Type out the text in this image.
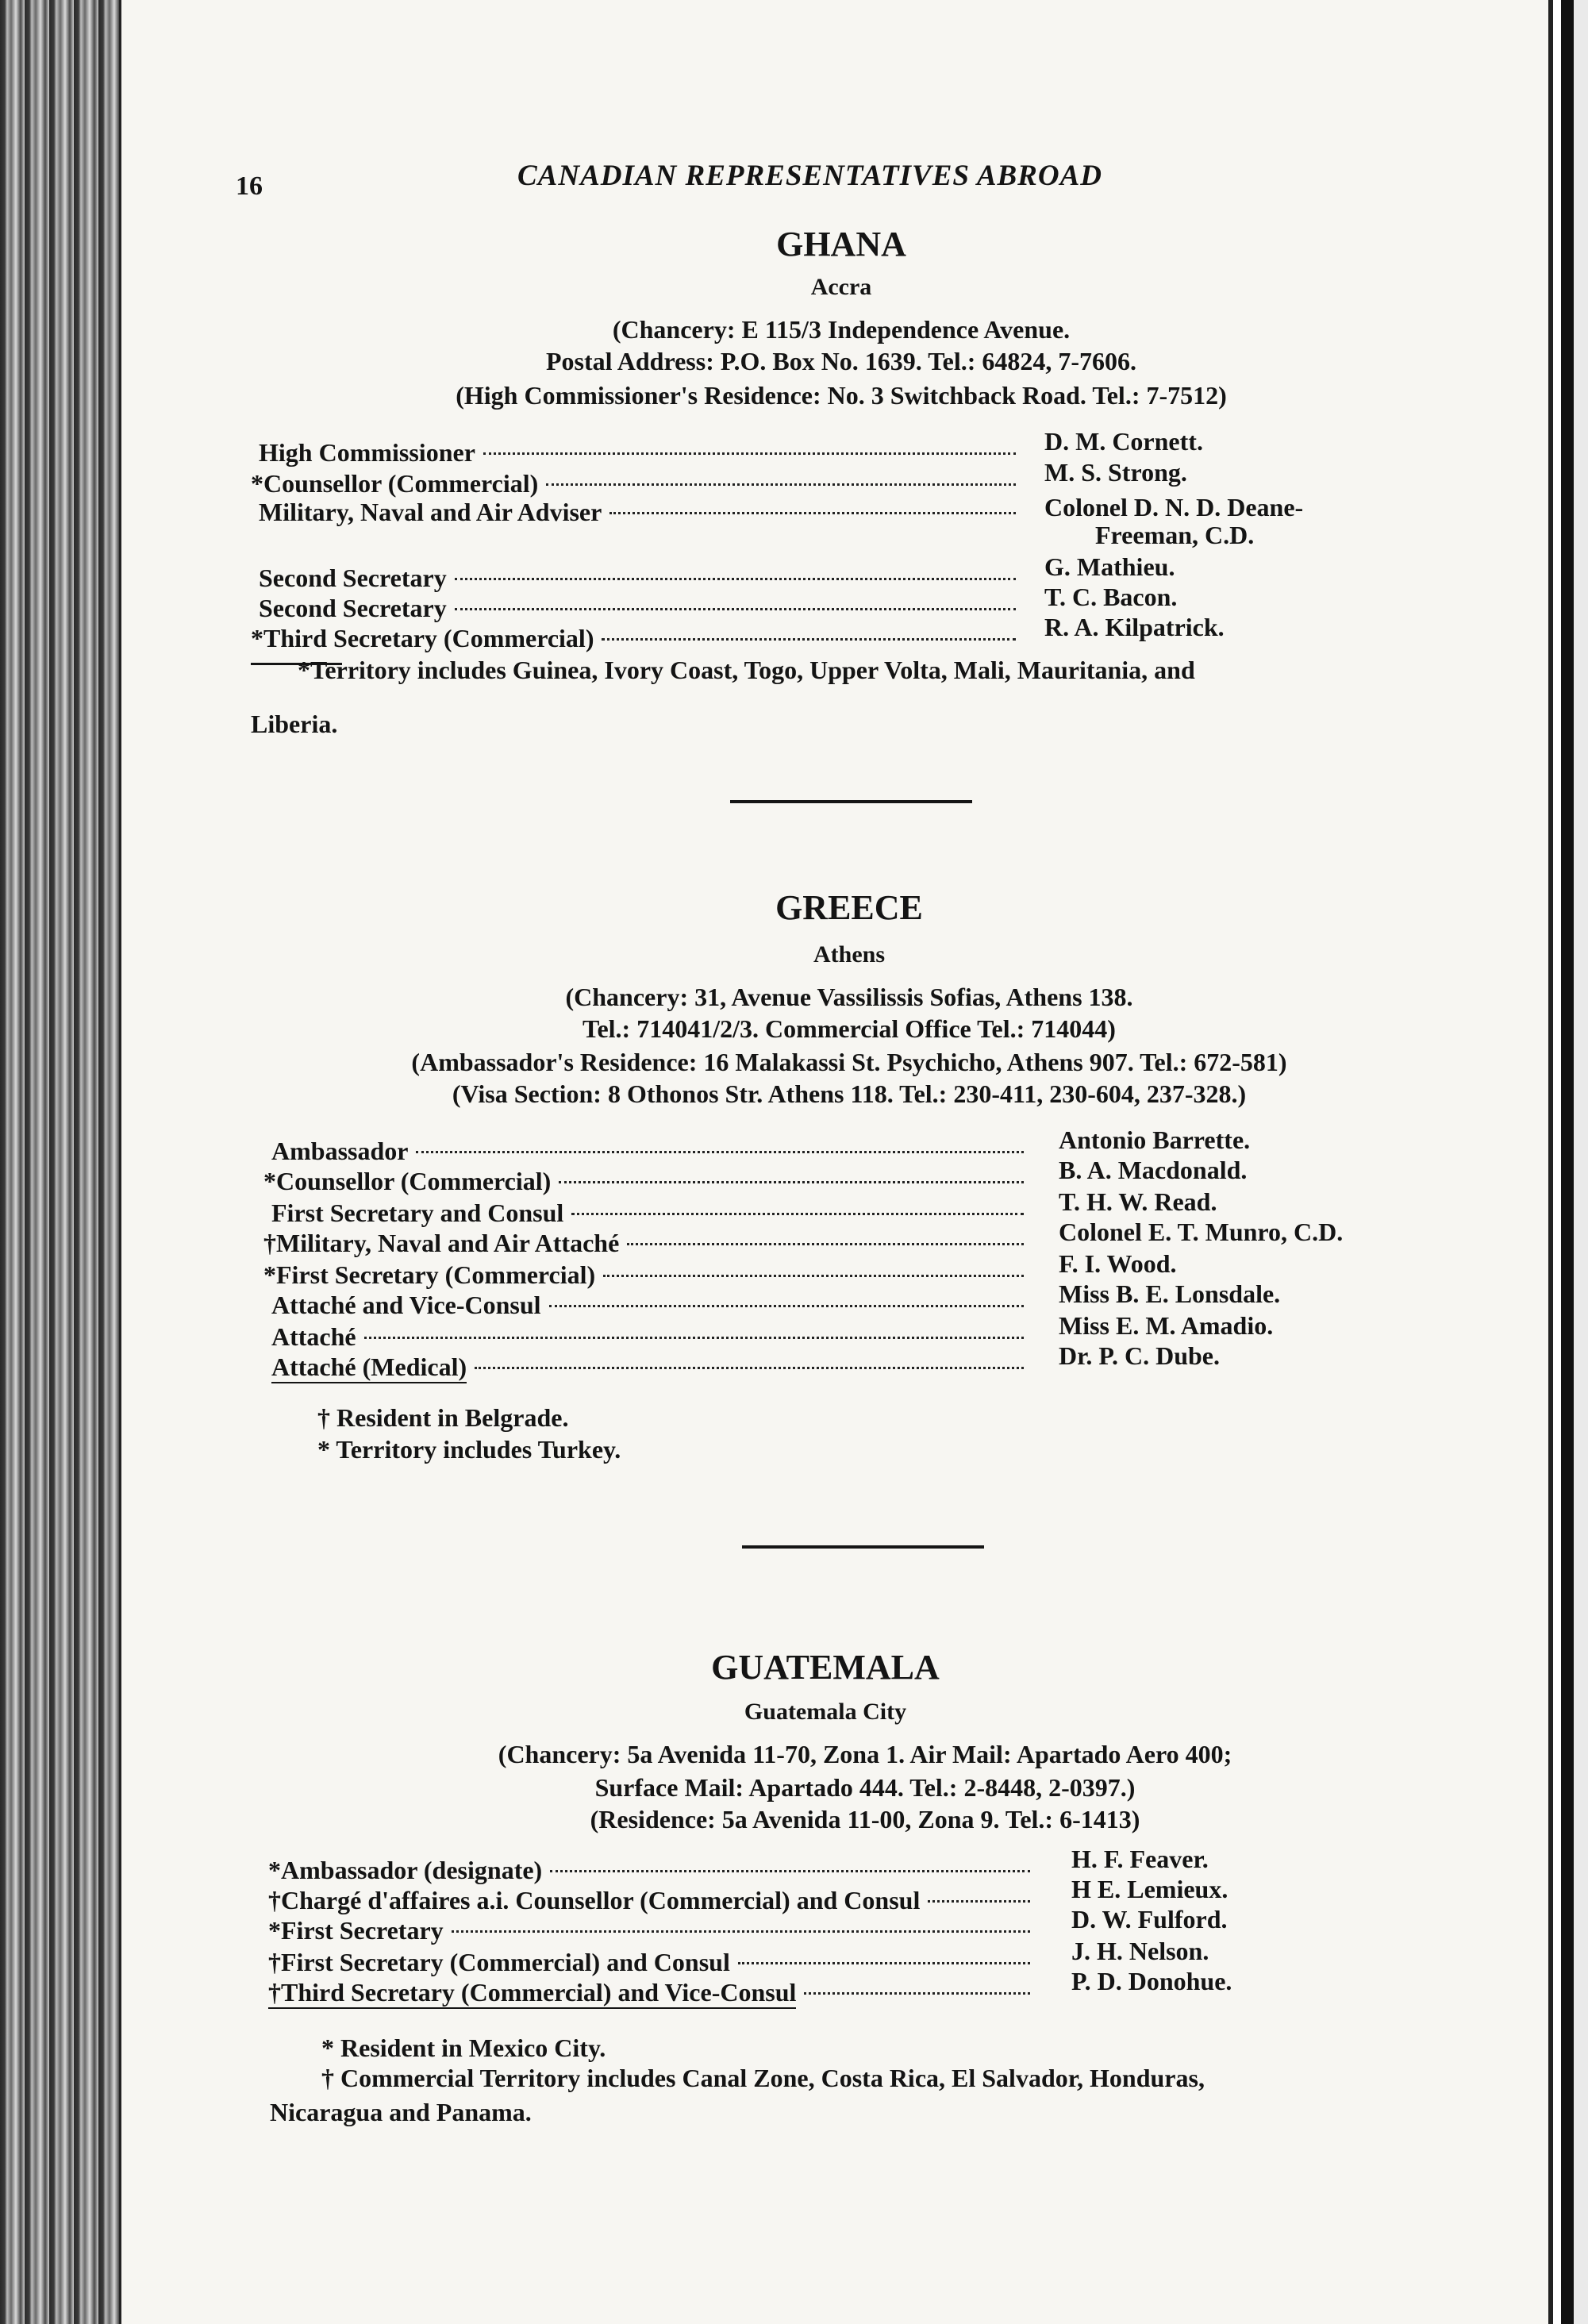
16	CANADIAN REPRESENTATIVES ABROAD
GHANA
Accra
(Chancery: E 115/3 Independence Avenue.
Postal Address: P.O. Box No. 1639. Tel.: 64824, 7-7606.
(High Commissioner's Residence: No. 3 Switchback Road. Tel.: 7-7512)
High Commissioner	D. M. Cornett.
*Counsellor (Commercial)	M. S. Strong.
Military, Naval and Air Adviser	Colonel D. N. D. Deane-
Freeman, C.D.
Second Secretary	G. Mathieu.
Second Secretary	T. C. Bacon.
*Third Secretary (Commercial)	R. A. Kilpatrick.
*Territory includes Guinea, Ivory Coast, Togo, Upper Volta, Mali, Mauritania, and
Liberia.
GREECE
Athens
(Chancery: 31, Avenue Vassilissis Sofias, Athens 138.
Tel.: 714041/2/3. Commercial Office Tel.: 714044)
(Ambassador's Residence: 16 Malakassi St. Psychicho, Athens 907. Tel.: 672-581)
(Visa Section: 8 Othonos Str. Athens 118. Tel.: 230-411, 230-604, 237-328.)
Ambassador	Antonio Barrette.
*Counsellor (Commercial)	B. A. Macdonald.
First Secretary and Consul	T. H. W. Read.
†Military, Naval and Air Attaché	Colonel E. T. Munro, C.D.
*First Secretary (Commercial)	F. I. Wood.
Attaché and Vice-Consul	Miss B. E. Lonsdale.
Attaché	Miss E. M. Amadio.
Attaché (Medical)	Dr. P. C. Dube.
† Resident in Belgrade.
* Territory includes Turkey.
GUATEMALA
Guatemala City
(Chancery: 5a Avenida 11-70, Zona 1. Air Mail: Apartado Aero 400;
Surface Mail: Apartado 444. Tel.: 2-8448, 2-0397.)
(Residence: 5a Avenida 11-00, Zona 9. Tel.: 6-1413)
*Ambassador (designate)	H. F. Feaver.
†Chargé d'affaires a.i. Counsellor (Commercial) and Consul	H E. Lemieux.
*First Secretary	D. W. Fulford.
†First Secretary (Commercial) and Consul	J. H. Nelson.
†Third Secretary (Commercial) and Vice-Consul	P. D. Donohue.
* Resident in Mexico City.
† Commercial Territory includes Canal Zone, Costa Rica, El Salvador, Honduras,
Nicaragua and Panama.
